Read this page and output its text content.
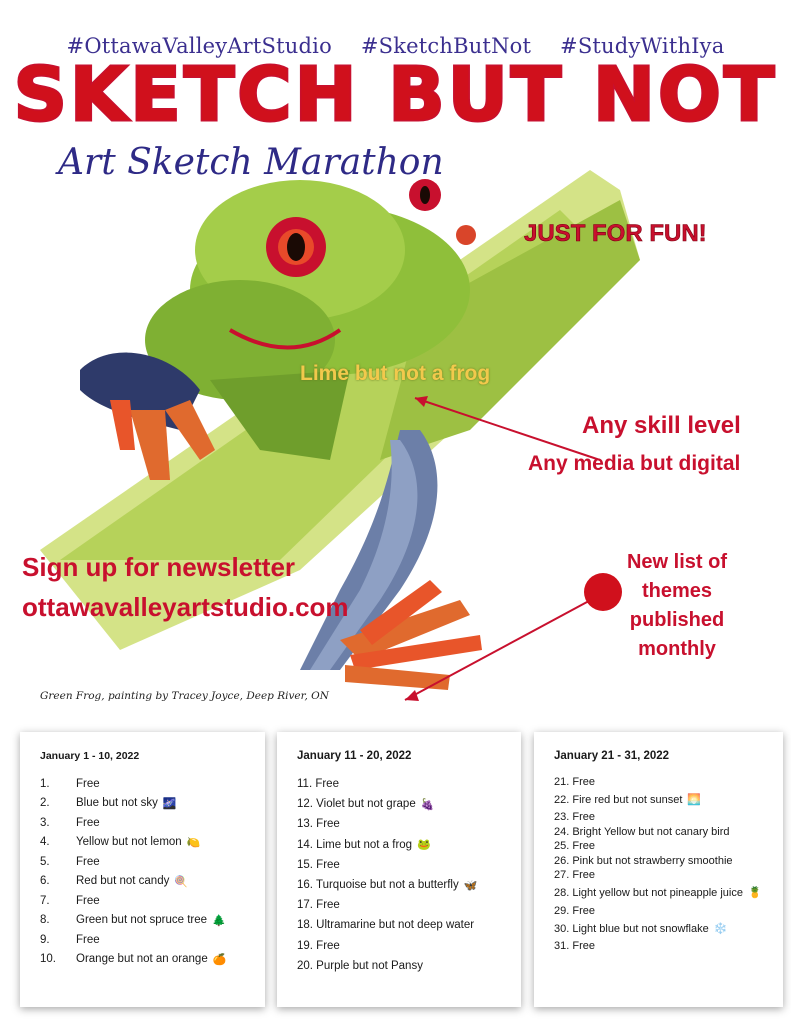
#OttawaValleyArtStudio #SketchButNot #StudyWithIya
SKETCH BUT NOT
Art Sketch Marathon
JUST FOR FUN!
Lime but not a frog
Any skill level
Any media but digital
Sign up for newsletter
ottawavalleyartstudio.com
New list of
themes
published
monthly
Green Frog, painting by Tracey Joyce, Deep River, ON
January 1 - 10, 2022
1.	Free
2.	Blue but not sky 🌌
3.	Free
4.	Yellow but not lemon 🍋
5.	Free
6.	Red but not candy 🍭
7.	Free
8.	Green but not spruce tree 🌲
9.	Free
10.	Orange but not an orange 🍊
January 11 - 20, 2022
11. Free
12. Violet but not grape 🍇
13. Free
14. Lime but not a frog 🐸
15. Free
16. Turquoise but not a butterfly 🦋
17. Free
18. Ultramarine but not deep water
19. Free
20. Purple but not Pansy
January 21 - 31, 2022
21. Free
22. Fire red but not sunset 🌅
23. Free
24. Bright Yellow but not canary bird
25. Free
26. Pink but not strawberry smoothie
27. Free
28. Light yellow but not pineapple juice 🍍
29. Free
30. Light blue but not snowflake ❄️
31. Free
